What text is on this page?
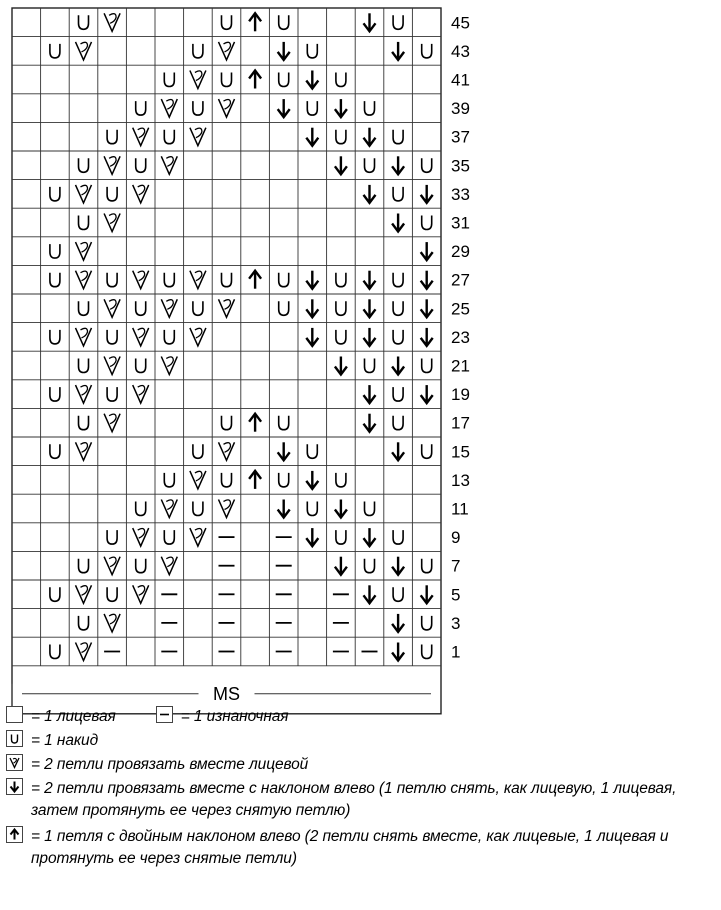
45
43
41
39
37
35
33
31
29
27
25
23
21
19
17
15
13
11
9
7
5
3
1
MS
= 1 лицевая	= 1 изнаночная
= 1 накид
= 2 петли провязать вместе лицевой
= 2 петли провязать вместе с наклоном влево (1 петлю снять, как лицевую, 1 лицевая, затем протянуть ее через снятую петлю)
= 1 петля с двойным наклоном влево (2 петли снять вместе, как лицевые, 1 лицевая и протянуть ее через снятые петли)
